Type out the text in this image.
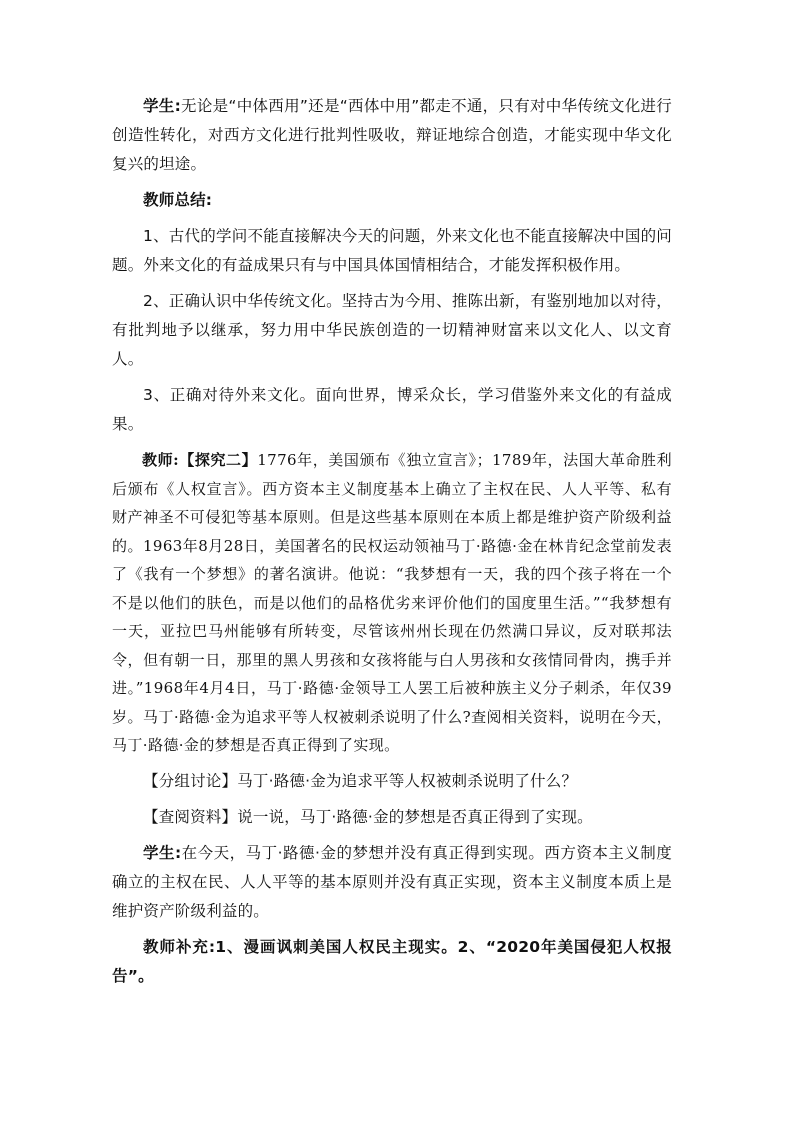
学生:无论是“中体西用”还是“西体中用”都走不通，只有对中华传统文化进行创造性转化，对西方文化进行批判性吸收，辩证地综合创造，才能实现中华文化复兴的坦途。

教师总结:

1、古代的学问不能直接解决今天的问题，外来文化也不能直接解决中国的问题。外来文化的有益成果只有与中国具体国情相结合，才能发挥积极作用。

2、正确认识中华传统文化。坚持古为今用、推陈出新，有鉴别地加以对待，有批判地予以继承，努力用中华民族创造的一切精神财富来以文化人、以文育人。

3、正确对待外来文化。面向世界，博采众长，学习借鉴外来文化的有益成果。

教师:【探究二】1776年，美国颁布《独立宣言》；1789年，法国大革命胜利后颁布《人权宣言》。西方资本主义制度基本上确立了主权在民、人人平等、私有财产神圣不可侵犯等基本原则。但是这些基本原则在本质上都是维护资产阶级利益的。1963年8月28日，美国著名的民权运动领袖马丁·路德·金在林肯纪念堂前发表了《我有一个梦想》的著名演讲。他说：“我梦想有一天，我的四个孩子将在一个不是以他们的肤色，而是以他们的品格优劣来评价他们的国度里生活。”“我梦想有一天，亚拉巴马州能够有所转变，尽管该州州长现在仍然满口异议，反对联邦法令，但有朝一日，那里的黑人男孩和女孩将能与白人男孩和女孩情同骨肉，携手并进。”1968年4月4日，马丁·路德·金领导工人罢工后被种族主义分子刺杀，年仅39岁。马丁·路德·金为追求平等人权被刺杀说明了什么?查阅相关资料，说明在今天，马丁·路德·金的梦想是否真正得到了实现。

【分组讨论】马丁·路德·金为追求平等人权被刺杀说明了什么？

【查阅资料】说一说，马丁·路德·金的梦想是否真正得到了实现。

学生:在今天，马丁·路德·金的梦想并没有真正得到实现。西方资本主义制度确立的主权在民、人人平等的基本原则并没有真正实现，资本主义制度本质上是维护资产阶级利益的。

教师补充:1、漫画讽刺美国人权民主现实。2、“2020年美国侵犯人权报告”。
